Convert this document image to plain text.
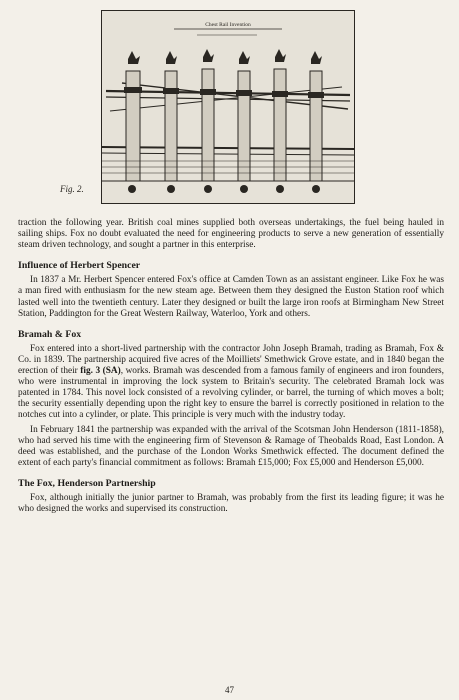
Chest Rail Invention
Fig. 2.

traction the following year. British coal mines supplied both overseas undertakings, the fuel being hauled in sailing ships. Fox no doubt evaluated the need for engineering products to serve a new generation of essentially steam driven technology, and sought a partner in this enterprise.

Influence of Herbert Spencer

In 1837 a Mr. Herbert Spencer entered Fox's office at Camden Town as an assistant engineer. Like Fox he was a man fired with enthusiasm for the new steam age. Between them they designed the Euston Station roof which lasted well into the twentieth century. Later they designed or built the large iron roofs at Birmingham New Street Station, Paddington for the Great Western Railway, Waterloo, York and others.

Bramah & Fox

Fox entered into a short-lived partnership with the contractor John Joseph Bramah, trading as Bramah, Fox & Co. in 1839. The partnership acquired five acres of the Moilliets' Smethwick Grove estate, and in 1840 began the erection of their fig. 3 (SA), works. Bramah was descended from a famous family of engineers and iron founders, who were instrumental in improving the lock system to Britain's security. The celebrated Bramah lock was patented in 1784. This novel lock consisted of a revolving cylinder, or barrel, the turning of which moves a bolt; the security essentially depending upon the right key to ensure the barrel is correctly positioned in relation to the notches cut into a cylinder, or plate. This principle is very much with the industry today.

In February 1841 the partnership was expanded with the arrival of the Scotsman John Henderson (1811-1858), who had served his time with the engineering firm of Stevenson & Ramage of Theobalds Road, East London. A deed was established, and the purchase of the London Works Smethwick effected. The document defined the extent of each party's financial commitment as follows: Bramah £15,000; Fox £5,000 and Henderson £5,000.

The Fox, Henderson Partnership

Fox, although initially the junior partner to Bramah, was probably from the first its leading figure; it was he who designed the works and supervised its construction.

47
